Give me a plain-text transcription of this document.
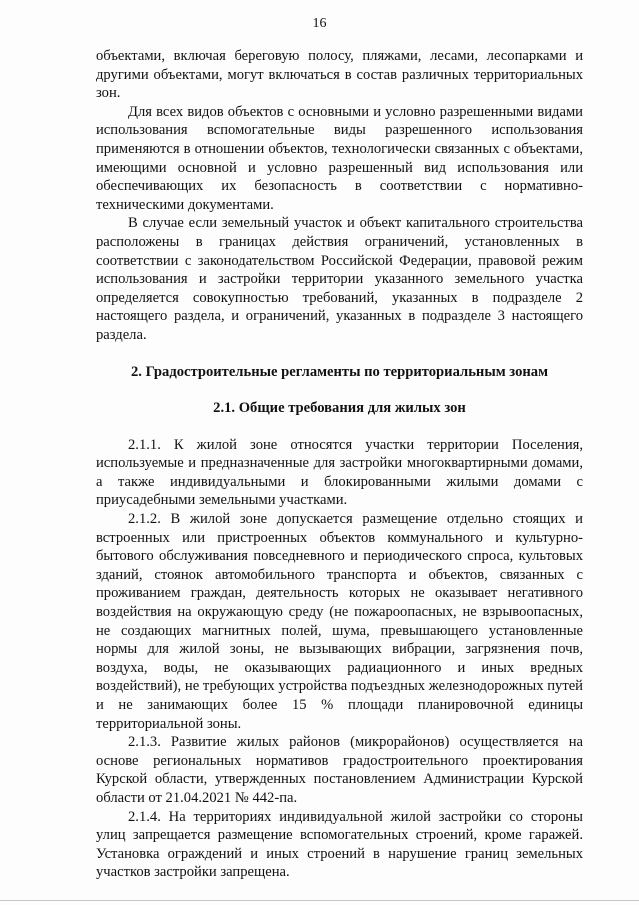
16

объектами, включая береговую полосу, пляжами, лесами, лесопарками и другими объектами, могут включаться в состав различных территориальных зон.

Для всех видов объектов с основными и условно разрешенными видами использования вспомогательные виды разрешенного использования применяются в отношении объектов, технологически связанных с объектами, имеющими основной и условно разрешенный вид использования или обеспечивающих их безопасность в соответствии с нормативно-техническими документами.

В случае если земельный участок и объект капитального строительства расположены в границах действия ограничений, установленных в соответствии с законодательством Российской Федерации, правовой режим использования и застройки территории указанного земельного участка определяется совокупностью требований, указанных в подразделе 2 настоящего раздела, и ограничений, указанных в подразделе 3 настоящего раздела.

2. Градостроительные регламенты по территориальным зонам
2.1. Общие требования для жилых зон

2.1.1. К жилой зоне относятся участки территории Поселения, используемые и предназначенные для застройки многоквартирными домами, а также индивидуальными и блокированными жилыми домами с приусадебными земельными участками.

2.1.2. В жилой зоне допускается размещение отдельно стоящих и встроенных или пристроенных объектов коммунального и культурно-бытового обслуживания повседневного и периодического спроса, культовых зданий, стоянок автомобильного транспорта и объектов, связанных с проживанием граждан, деятельность которых не оказывает негативного воздействия на окружающую среду (не пожароопасных, не взрывоопасных, не создающих магнитных полей, шума, превышающего установленные нормы для жилой зоны, не вызывающих вибрации, загрязнения почв, воздуха, воды, не оказывающих радиационного и иных вредных воздействий), не требующих устройства подъездных железнодорожных путей и не занимающих более 15 % площади планировочной единицы территориальной зоны.

2.1.3. Развитие жилых районов (микрорайонов) осуществляется на основе региональных нормативов градостроительного проектирования Курской области, утвержденных постановлением Администрации Курской области от 21.04.2021 № 442-па.

2.1.4. На территориях индивидуальной жилой застройки со стороны улиц запрещается размещение вспомогательных строений, кроме гаражей. Установка ограждений и иных строений в нарушение границ земельных участков застройки запрещена.
